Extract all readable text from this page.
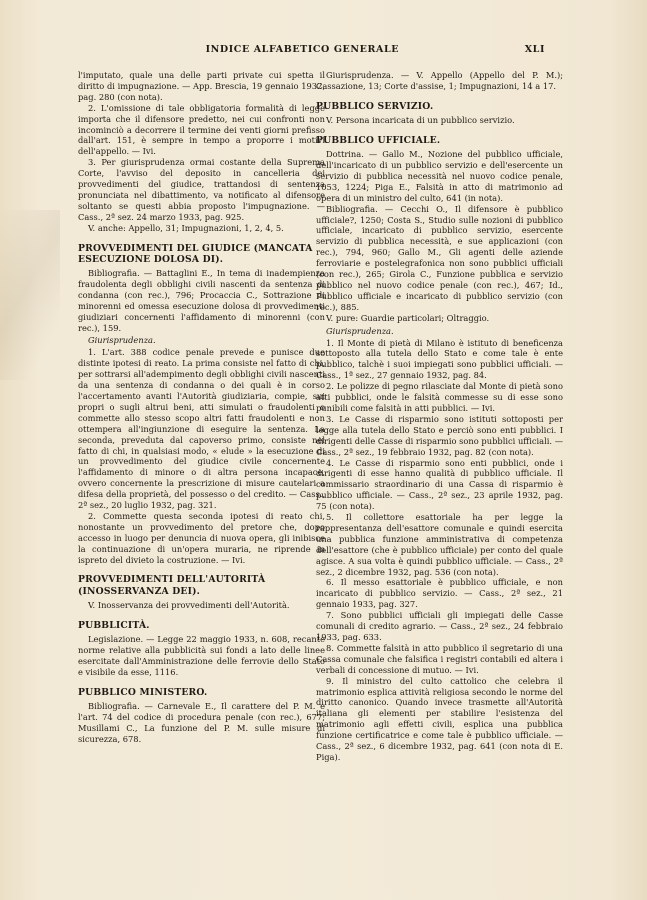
INDICE ALFABETICO GENERALE	XLI

l'imputato, quale una delle parti private cui spetta il diritto di impugnazione. — App. Brescia, 19 gennaio 1932, pag. 280 (con nota).

2. L'omissione di tale obbligatoria formalità di legge importa che il difensore predetto, nei cui confronti non incominciò a decorrere il termine dei venti giorni prefisso dall'art. 151, è sempre in tempo a proporre i motivi dell'appello. — Ivi.

3. Per giurisprudenza ormai costante della Suprema Corte, l'avviso del deposito in cancelleria dei provvedimenti del giudice, trattandosi di sentenza pronunciata nel dibattimento, va notificato al difensore soltanto se questi abbia proposto l'impugnazione. — Cass., 2ª sez. 24 marzo 1933, pag. 925.

V. anche: Appello, 31; Impugnazioni, 1, 2, 4, 5.

PROVVEDIMENTI DEL GIUDICE (MANCATA ESECUZIONE DOLOSA DI).

Bibliografia. — Battaglini E., In tema di inadempienza fraudolenta degli obblighi civili nascenti da sentenza di condanna (con rec.), 796; Procaccia C., Sottrazione di minorenni ed omessa esecuzione dolosa di provvedimenti giudiziari concernenti l'affidamento di minorenni (con rec.), 159.

Giurisprudenza.

1. L'art. 388 codice penale prevede e punisce due distinte ipotesi di reato. La prima consiste nel fatto di chi, per sottrarsi all'adempimento degli obblighi civili nascenti da una sentenza di condanna o dei quali è in corso l'accertamento avanti l'Autorità giudiziaria, compie, sui propri o sugli altrui beni, atti simulati o fraudolenti o commette allo stesso scopo altri fatti fraudolenti e non ottempera all'ingiunzione di eseguire la sentenza. La seconda, preveduta dal capoverso primo, consiste nel fatto di chi, in qualsiasi modo, « elude » la esecuzione di un provvedimento del giudice civile concernente l'affidamento di minore o di altra persona incapace, ovvero concernente la prescrizione di misure cautelari a difesa della proprietà, del possesso o del credito. — Cass., 2ª sez., 20 luglio 1932, pag. 321.

2. Commette questa seconda ipotesi di reato chi, nonostante un provvedimento del pretore che, dopo accesso in luogo per denuncia di nuova opera, gli inibisce la continuazione di un'opera muraria, ne riprende in ispreto del divieto la costruzione. — Ivi.

PROVVEDIMENTI DELL'AUTORITÀ (INOSSERVANZA DEI).

V. Inosservanza dei provvedimenti dell'Autorità.

PUBBLICITÀ.

Legislazione. — Legge 22 maggio 1933, n. 608, recante norme relative alla pubblicità sui fondi a lato delle linee esercitate dall'Amministrazione delle ferrovie dello Stato e visibile da esse, 1116.

PUBBLICO MINISTERO.

Bibliografia. — Carnevale E., Il carattere del P. M. e l'art. 74 del codice di procedura penale (con rec.), 677; Musillami C., La funzione del P. M. sulle misure di sicurezza, 678.

Giurisprudenza. — V. Appello (Appello del P. M.); Cassazione, 13; Corte d'assise, 1; Impugnazioni, 14 a 17.

PUBBLICO SERVIZIO.

V. Persona incaricata di un pubblico servizio.

PUBBLICO UFFICIALE.

Dottrina. — Gallo M., Nozione del pubblico ufficiale, dell'incaricato di un pubblico servizio e dell'esercente un servizio di pubblica necessità nel nuovo codice penale, 1053, 1224; Piga E., Falsità in atto di matrimonio ad opera di un ministro del culto, 641 (in nota).

Bibliografia. — Cecchi O., Il difensore è pubblico ufficiale?, 1250; Costa S., Studio sulle nozioni di pubblico ufficiale, incaricato di pubblico servizio, esercente servizio di pubblica necessità, e sue applicazioni (con rec.), 794, 960; Gallo M., Gli agenti delle aziende ferroviarie e postelegrafonica non sono pubblici ufficiali (con rec.), 265; Girola C., Funzione pubblica e servizio pubblico nel nuovo codice penale (con rec.), 467; Id., Pubblico ufficiale e incaricato di pubblico servizio (con rec.), 885.

V. pure: Guardie particolari; Oltraggio.

Giurisprudenza.

1. Il Monte di pietà di Milano è istituto di beneficenza sottoposto alla tutela dello Stato e come tale è ente pubblico, talchè i suoi impiegati sono pubblici ufficiali. — Cass., 1ª sez., 27 gennaio 1932, pag. 84.

2. Le polizze di pegno rilasciate dal Monte di pietà sono atti pubblici, onde le falsità commesse su di esse sono punibili come falsità in atti pubblici. — Ivi.

3. Le Casse di risparmio sono istituti sottoposti per legge alla tutela dello Stato e perciò sono enti pubblici. I dirigenti delle Casse di risparmio sono pubblici ufficiali. — Cass., 2ª sez., 19 febbraio 1932, pag. 82 (con nota).

4. Le Casse di risparmio sono enti pubblici, onde i dirigenti di esse hanno qualità di pubblico ufficiale. Il commissario straordinario di una Cassa di risparmio è pubblico ufficiale. — Cass., 2ª sez., 23 aprile 1932, pag. 75 (con nota).

5. Il collettore esattoriale ha per legge la rappresentanza dell'esattore comunale e quindi esercita una pubblica funzione amministrativa di competenza dell'esattore (che è pubblico ufficiale) per conto del quale agisce. A sua volta è quindi pubblico ufficiale. — Cass., 2ª sez., 2 dicembre 1932, pag. 536 (con nota).

6. Il messo esattoriale è pubblico ufficiale, e non incaricato di pubblico servizio. — Cass., 2ª sez., 21 gennaio 1933, pag. 327.

7. Sono pubblici ufficiali gli impiegati delle Casse comunali di credito agrario. — Cass., 2ª sez., 24 febbraio 1933, pag. 633.

8. Commette falsità in atto pubblico il segretario di una Cassa comunale che falsifica i registri contabili ed altera i verbali di concessione di mutuo. — Ivi.

9. Il ministro del culto cattolico che celebra il matrimonio esplica attività religiosa secondo le norme del diritto canonico. Quando invece trasmette all'Autorità italiana gli elementi per stabilire l'esistenza del matrimonio agli effetti civili, esplica una pubblica funzione certificatrice e come tale è pubblico ufficiale. — Cass., 2ª sez., 6 dicembre 1932, pag. 641 (con nota di E. Piga).
